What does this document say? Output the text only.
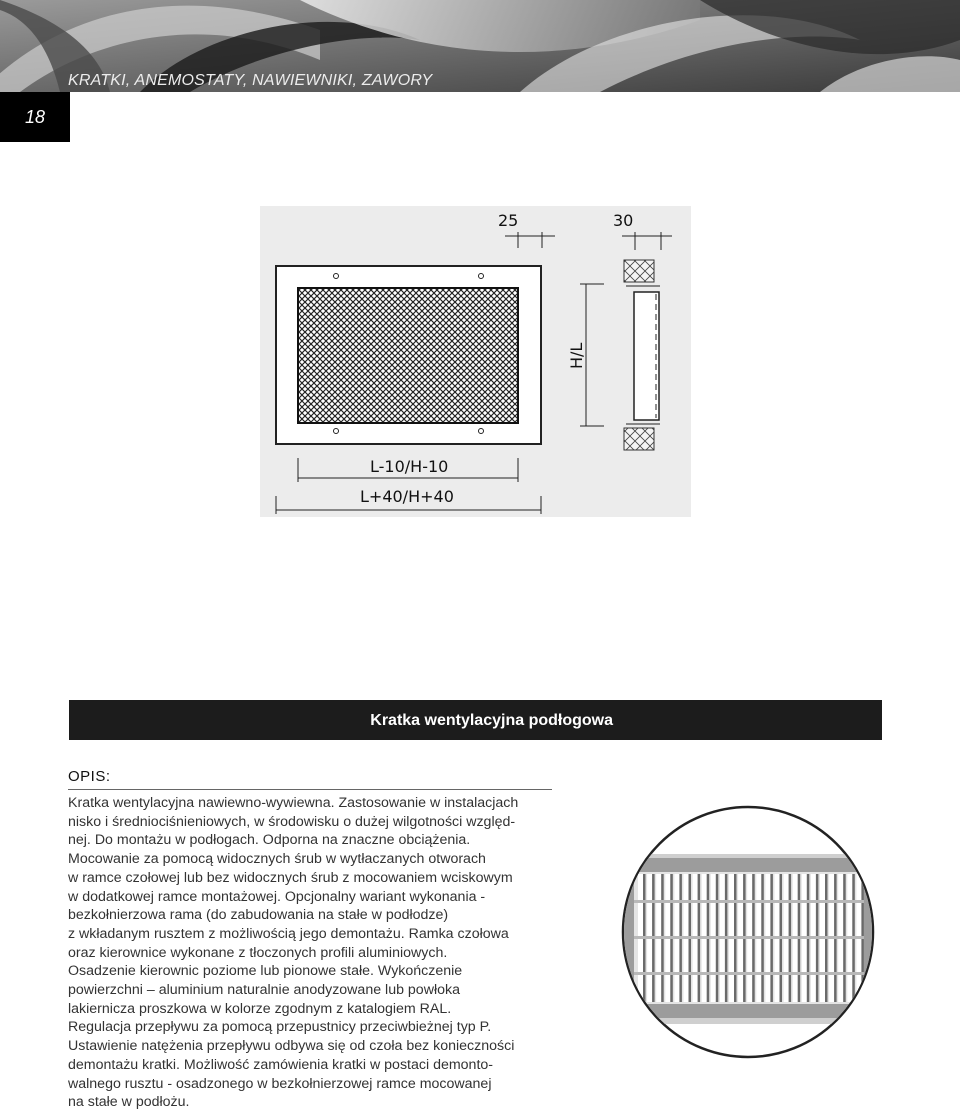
KRATKI, ANEMOSTATY, NAWIEWNIKI, ZAWORY
18
25	30
H/L
L-10/H-10
L+40/H+40
Kratka wentylacyjna podłogowa
OPIS:
Kratka wentylacyjna nawiewno-wywiewna. Zastosowanie w instalacjach
nisko i średniociśnieniowych, w środowisku o dużej wilgotności względ-
nej. Do montażu w podłogach. Odporna na znaczne obciążenia.
Mocowanie za pomocą widocznych śrub w wytłaczanych otworach
w ramce czołowej lub bez widocznych śrub z mocowaniem wciskowym
w dodatkowej ramce montażowej. Opcjonalny wariant wykonania -
bezkołnierzowa rama (do zabudowania na stałe w podłodze)
z wkładanym rusztem z możliwością jego demontażu. Ramka czołowa
oraz kierownice wykonane z tłoczonych profili aluminiowych.
Osadzenie kierownic poziome lub pionowe stałe. Wykończenie
powierzchni – aluminium naturalnie anodyzowane lub powłoka
lakiernicza proszkowa w kolorze zgodnym z katalogiem RAL.
Regulacja przepływu za pomocą przepustnicy przeciwbieżnej typ P.
Ustawienie natężenia przepływu odbywa się od czoła bez konieczności
demontażu kratki. Możliwość zamówienia kratki w postaci demonto-
walnego rusztu - osadzonego w bezkołnierzowej ramce mocowanej
na stałe w podłożu.
